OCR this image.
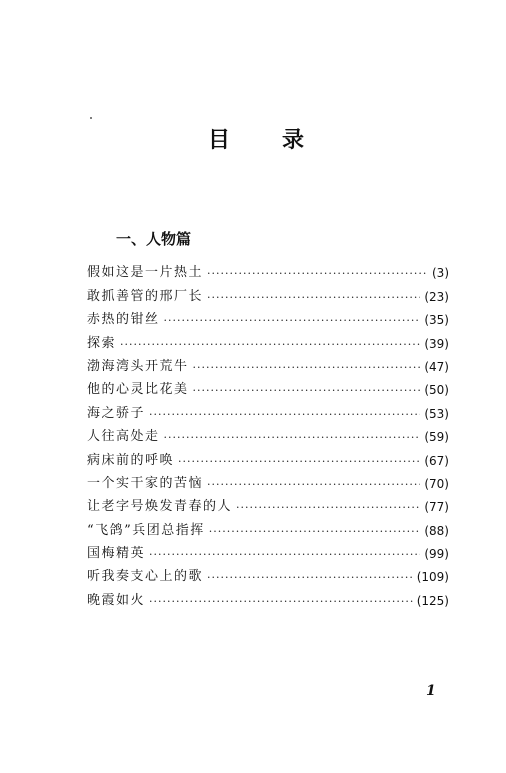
目 录
一、人物篇
假如这是一片热土 ·····	(3)
敢抓善管的邢厂长 ·····	(23)
赤热的钳丝 ·····	(35)
探索 ·····	(39)
渤海湾头开荒牛 ·····	(47)
他的心灵比花美 ·····	(50)
海之骄子 ·····	(53)
人往高处走 ·····	(59)
病床前的呼唤 ·····	(67)
一个实干家的苦恼 ·····	(70)
让老字号焕发青春的人 ·····	(77)
“飞鸽”兵团总指挥 ·····	(88)
国梅精英 ·····	(99)
听我奏支心上的歌 ·····	(109)
晚霞如火 ·····	(125)
1
